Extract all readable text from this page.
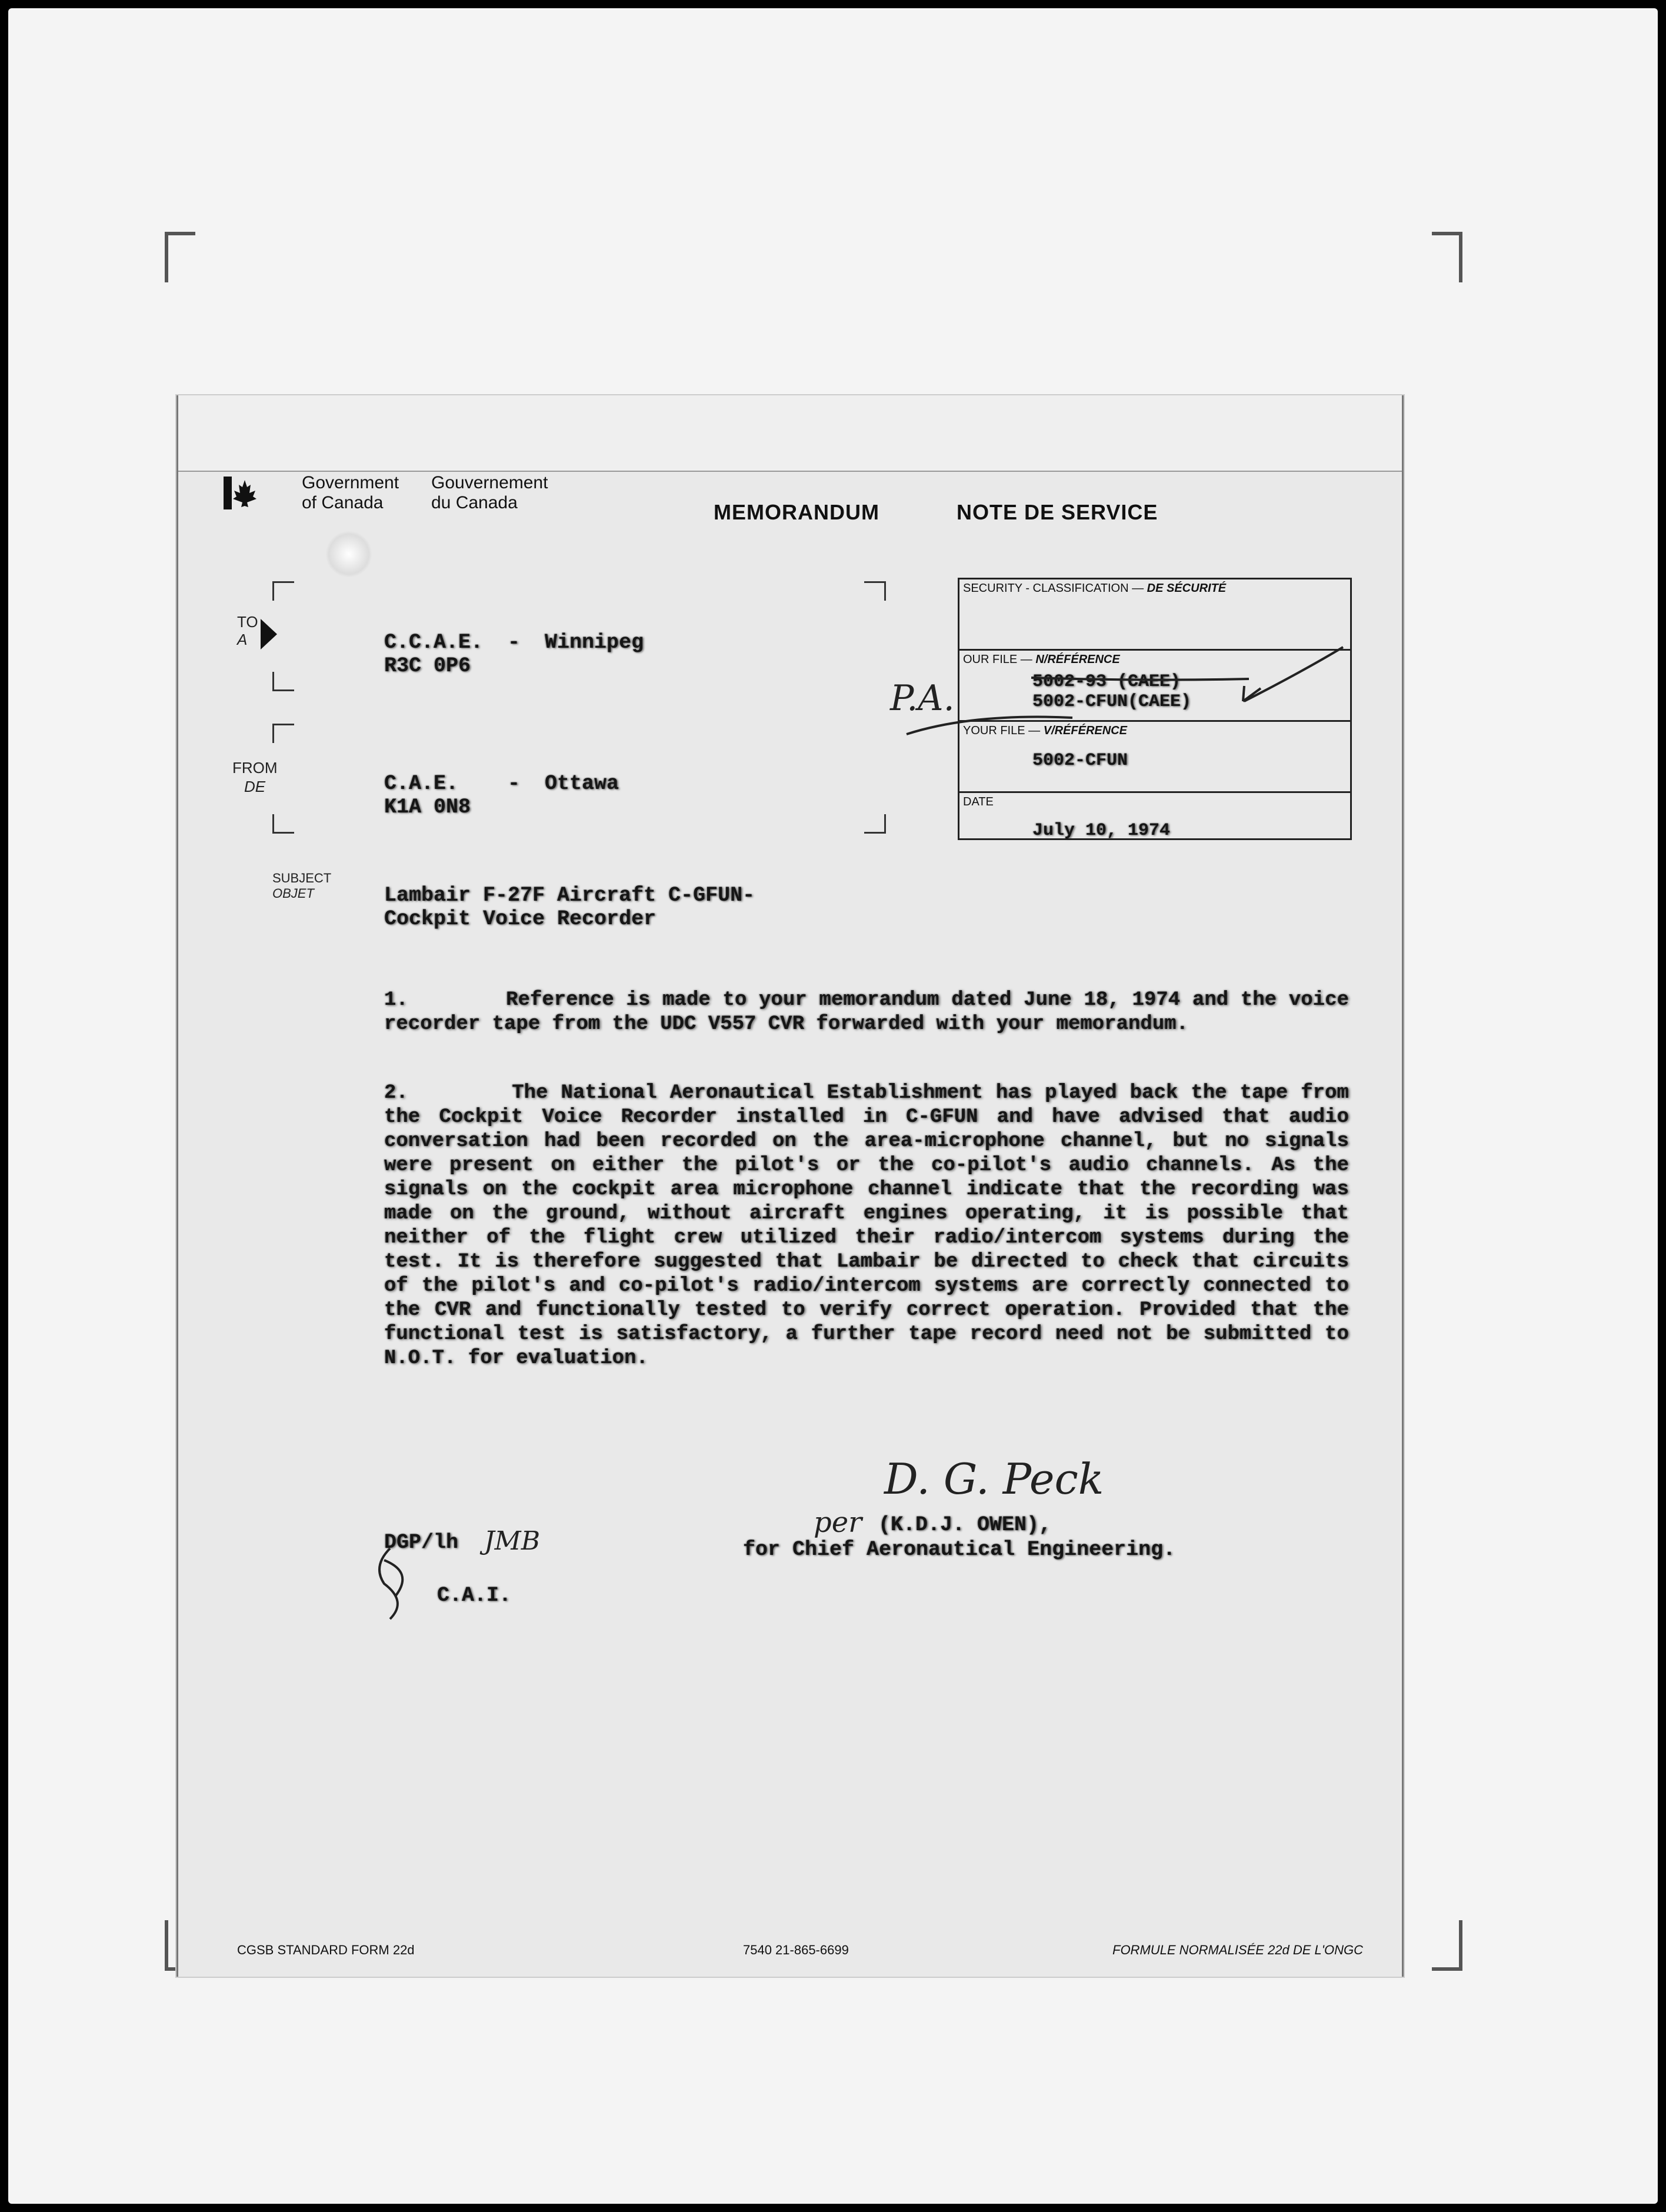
Government
of Canada
Gouvernement
du Canada	MEMORANDUM	NOTE DE SERVICE
TO
A	C.C.A.E.  -  Winnipeg
R3C 0P6
FROM
DE	C.A.E.    -  Ottawa
K1A 0N8
SECURITY - CLASSIFICATION — DE SÉCURITÉ
OUR FILE — N/RÉFÉRENCE
5002-93 (CAEE)
5002-CFUN(CAEE)
YOUR FILE — V/RÉFÉRENCE
5002-CFUN
DATE
July 10, 1974
P.A.
SUBJECT
OBJET	Lambair F-27F Aircraft C-GFUN-
Cockpit Voice Recorder

1.	Reference is made to your memorandum dated June 18, 1974 and the voice recorder tape from the UDC V557 CVR forwarded with your memorandum.

2.	The National Aeronautical Establishment has played back the tape from the Cockpit Voice Recorder installed in C-GFUN and have advised that audio conversation had been recorded on the area-microphone channel, but no signals were present on either the pilot's or the co-pilot's audio channels. As the signals on the cockpit area microphone channel indicate that the recording was made on the ground, without aircraft engines operating, it is possible that neither of the flight crew utilized their radio/intercom systems during the test. It is therefore suggested that Lambair be directed to check that circuits of the pilot's and co-pilot's radio/intercom systems are correctly connected to the CVR and functionally tested to verify correct operation. Provided that the functional test is satisfactory, a further tape record need not be submitted to N.O.T. for evaluation.

D. G. Peck
per (K.D.J. OWEN),
for Chief Aeronautical Engineering.
DGP/lh JMB
C.A.I.
CGSB STANDARD FORM 22d	7540 21-865-6699	FORMULE NORMALISÉE 22d DE L'ONGC
